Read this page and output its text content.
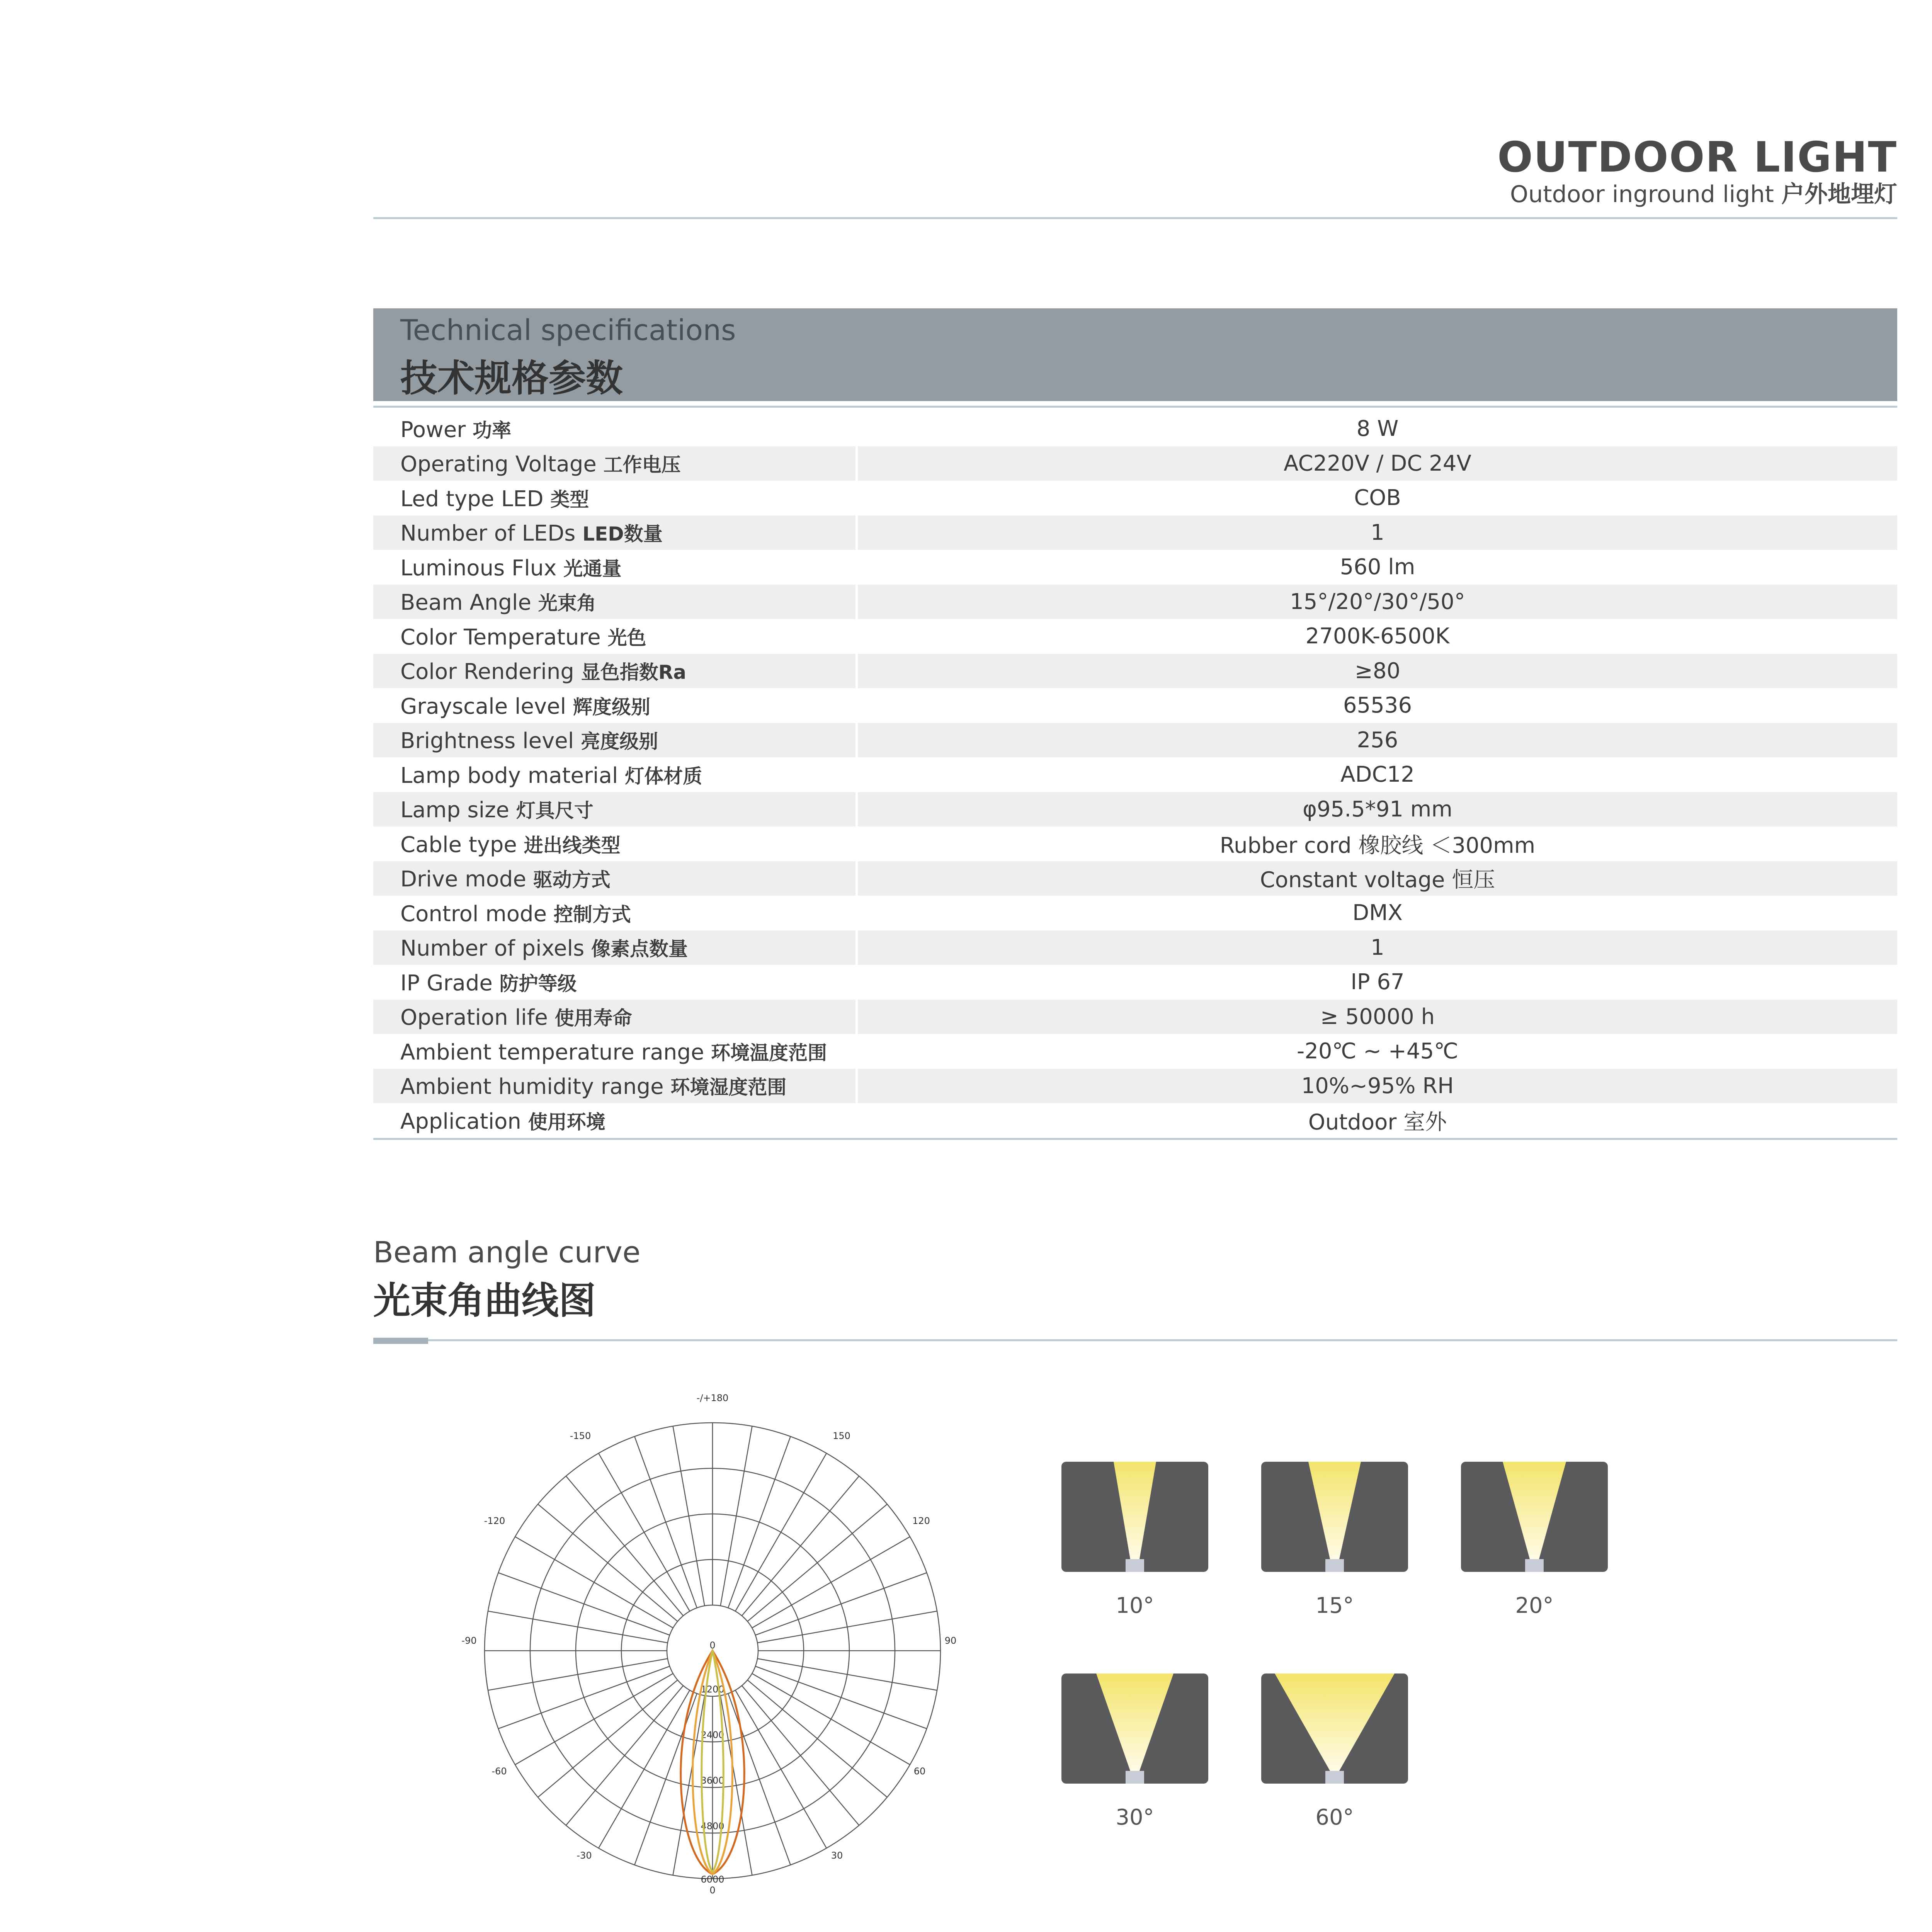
OUTDOOR LIGHT
Outdoor inground light 户外地埋灯
Technical specifications
技术规格参数
Power 功率	8 W
Operating Voltage 工作电压	AC220V / DC 24V
Led type LED 类型	COB
Number of LEDs LED数量	1
Luminous Flux 光通量	560 lm
Beam Angle 光束角	15°/20°/30°/50°
Color Temperature 光色	2700K-6500K
Color Rendering 显色指数Ra	≥80
Grayscale level 辉度级别	65536
Brightness level 亮度级别	256
Lamp body material 灯体材质	ADC12
Lamp size 灯具尺寸	φ95.5*91 mm
Cable type 进出线类型	Rubber cord 橡胶线 ＜300mm
Drive mode 驱动方式	Constant voltage 恒压
Control mode 控制方式	DMX
Number of pixels 像素点数量	1
IP Grade 防护等级	IP 67
Operation life 使用寿命	≥ 50000 h
Ambient temperature range 环境温度范围	-20℃ ~ +45℃
Ambient humidity range 环境湿度范围	10%~95% RH
Application 使用环境	Outdoor 室外
Beam angle curve
光束角曲线图
-/+180
-150	150
-120	120
-90	90
-60	60
-30	30
0
0
1200
2400
3600
4800
6000
10°	15°	20°
30°	60°
